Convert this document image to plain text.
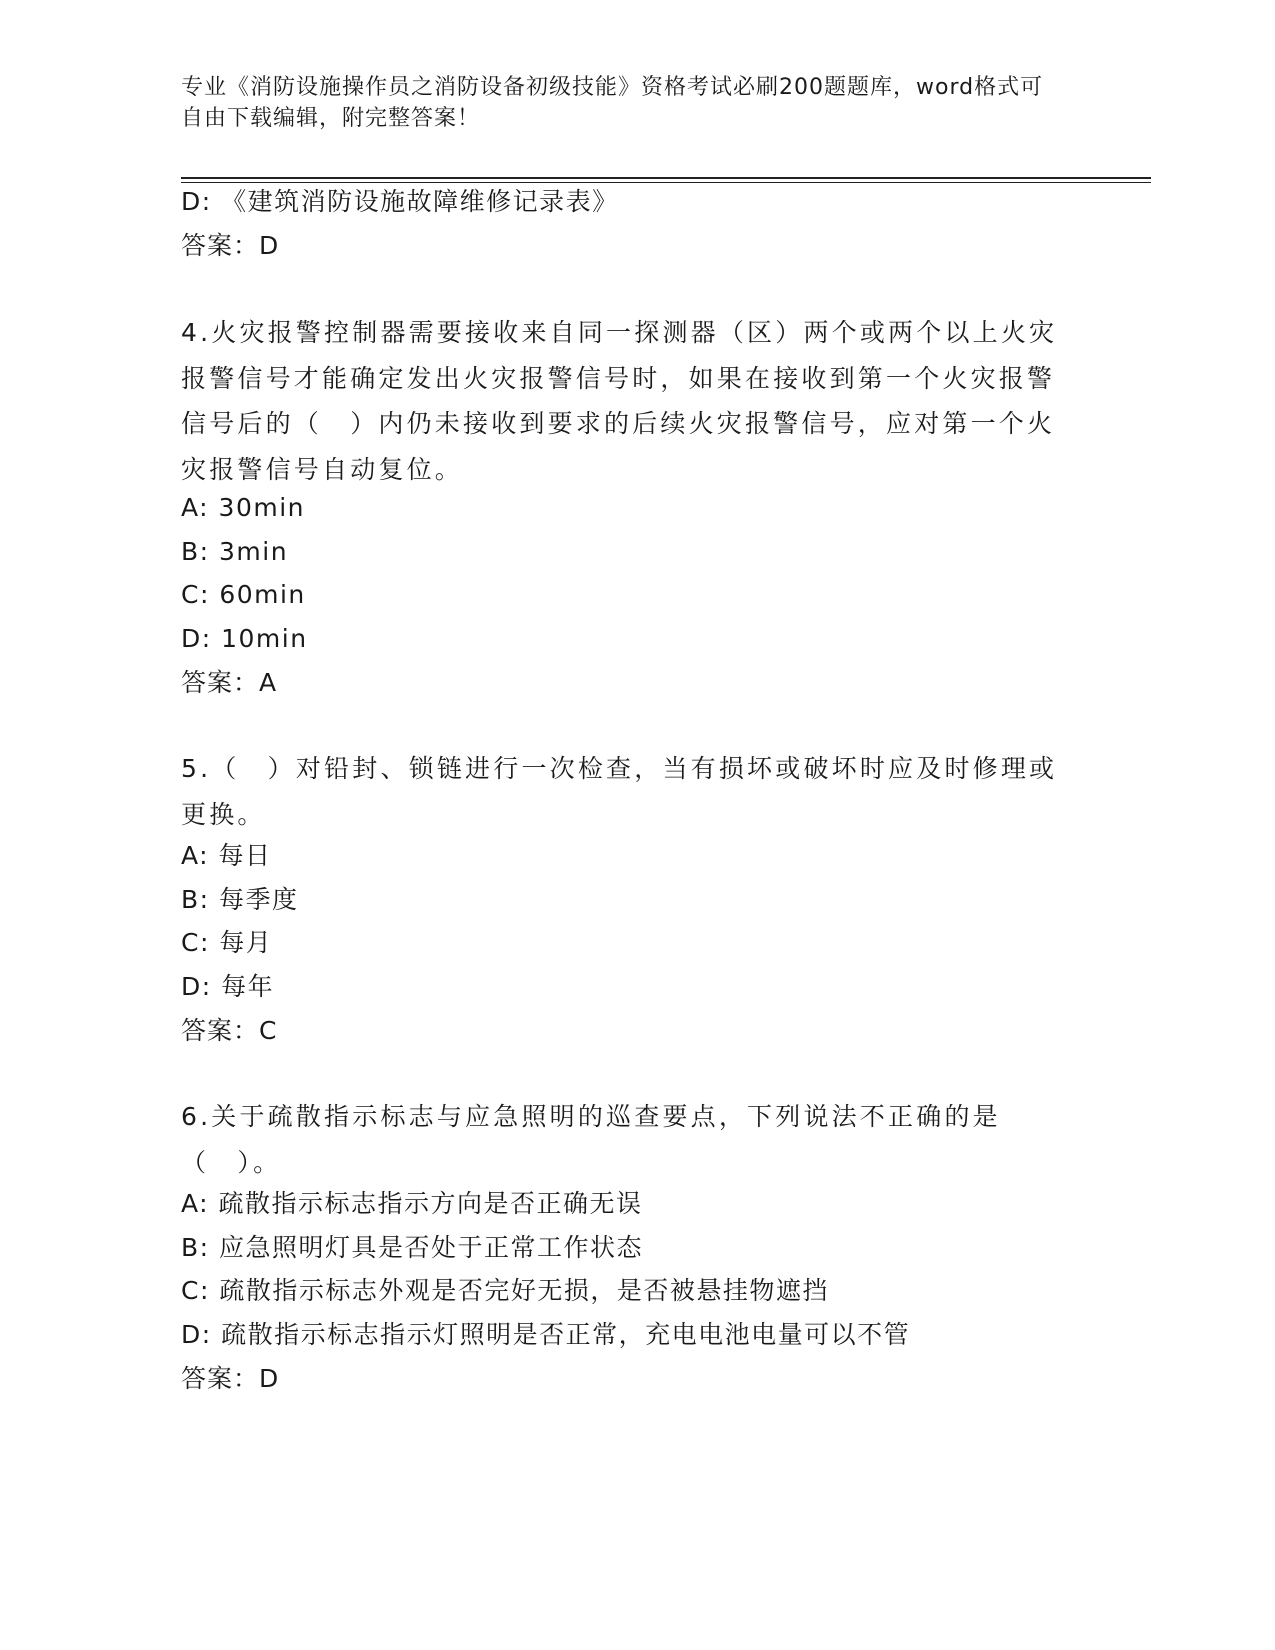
专业《消防设施操作员之消防设备初级技能》资格考试必刷200题题库，word格式可自由下载编辑，附完整答案！
D: 《建筑消防设施故障维修记录表》
答案：D
4.火灾报警控制器需要接收来自同一探测器（区）两个或两个以上火灾报警信号才能确定发出火灾报警信号时，如果在接收到第一个火灾报警信号后的（　）内仍未接收到要求的后续火灾报警信号，应对第一个火灾报警信号自动复位。
A: 30min
B: 3min
C: 60min
D: 10min
答案：A
5.（　）对铅封、锁链进行一次检查，当有损坏或破坏时应及时修理或更换。
A: 每日
B: 每季度
C: 每月
D: 每年
答案：C
6.关于疏散指示标志与应急照明的巡查要点，下列说法不正确的是（　）。
A: 疏散指示标志指示方向是否正确无误
B: 应急照明灯具是否处于正常工作状态
C: 疏散指示标志外观是否完好无损，是否被悬挂物遮挡
D: 疏散指示标志指示灯照明是否正常，充电电池电量可以不管
答案：D
